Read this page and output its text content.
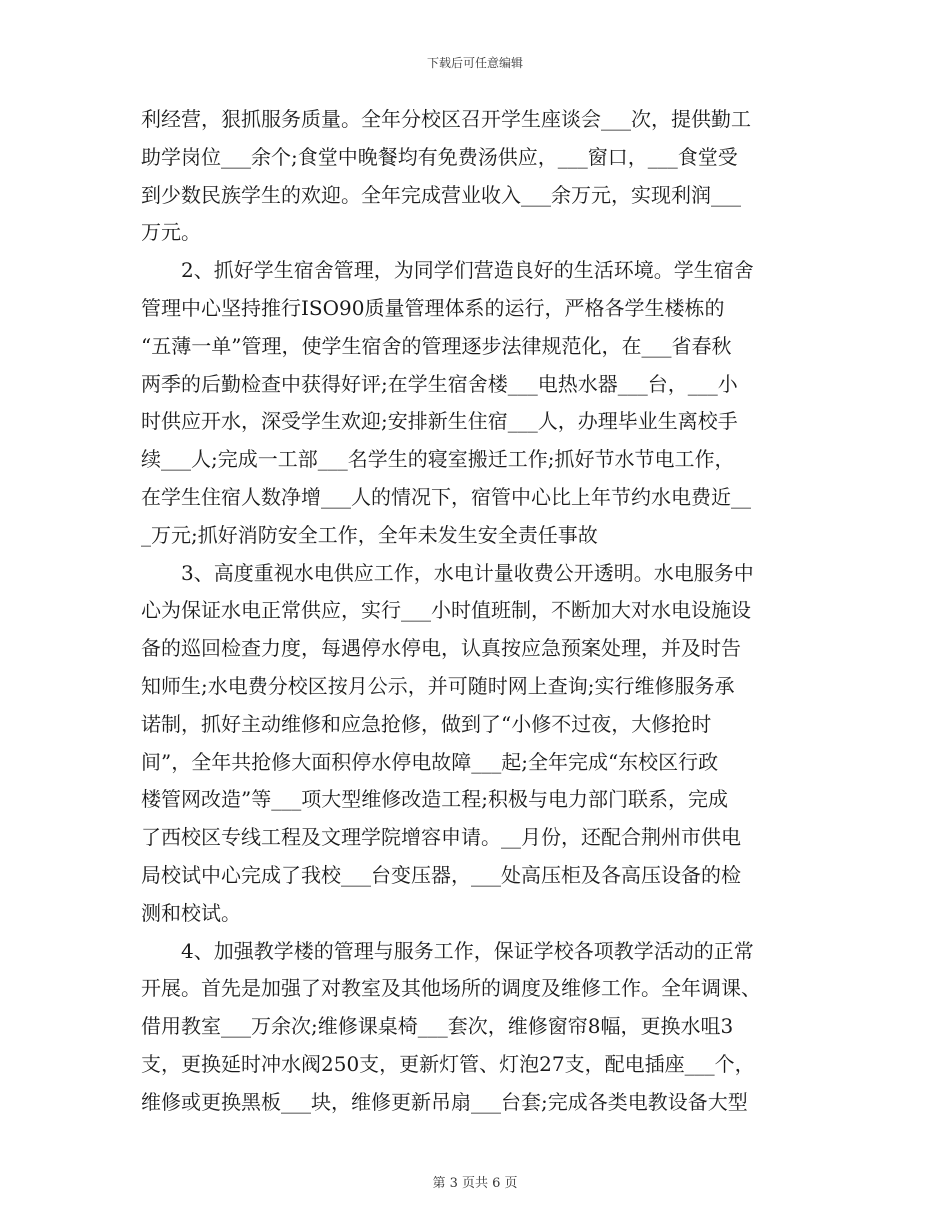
下载后可任意编辑
利经营，狠抓服务质量。全年分校区召开学生座谈会___次，提供勤工
助学岗位___余个;食堂中晚餐均有免费汤供应，___窗口，___食堂受
到少数民族学生的欢迎。全年完成营业收入___余万元，实现利润___
万元。
2、抓好学生宿舍管理，为同学们营造良好的生活环境。学生宿舍
管理中心坚持推行ISO90质量管理体系的运行，严格各学生楼栋的
“五薄一单”管理，使学生宿舍的管理逐步法律规范化，在___省春秋
两季的后勤检查中获得好评;在学生宿舍楼___电热水器___台，___小
时供应开水，深受学生欢迎;安排新生住宿___人，办理毕业生离校手
续___人;完成一工部___名学生的寝室搬迁工作;抓好节水节电工作，
在学生住宿人数净增___人的情况下，宿管中心比上年节约水电费近__
_万元;抓好消防安全工作，全年未发生安全责任事故
3、高度重视水电供应工作，水电计量收费公开透明。水电服务中
心为保证水电正常供应，实行___小时值班制，不断加大对水电设施设
备的巡回检查力度，每遇停水停电，认真按应急预案处理，并及时告
知师生;水电费分校区按月公示，并可随时网上查询;实行维修服务承
诺制，抓好主动维修和应急抢修，做到了“小修不过夜，大修抢时
间”，全年共抢修大面积停水停电故障___起;全年完成“东校区行政
楼管网改造”等___项大型维修改造工程;积极与电力部门联系，完成
了西校区专线工程及文理学院增容申请。__月份，还配合荆州市供电
局校试中心完成了我校___台变压器，___处高压柜及各高压设备的检
测和校试。
4、加强教学楼的管理与服务工作，保证学校各项教学活动的正常
开展。首先是加强了对教室及其他场所的调度及维修工作。全年调课、
借用教室___万余次;维修课桌椅___套次，维修窗帘8幅，更换水咀3
支，更换延时冲水阀250支，更新灯管、灯泡27支，配电插座___个，
维修或更换黑板___块，维修更新吊扇___台套;完成各类电教设备大型
第 3 页共 6 页
